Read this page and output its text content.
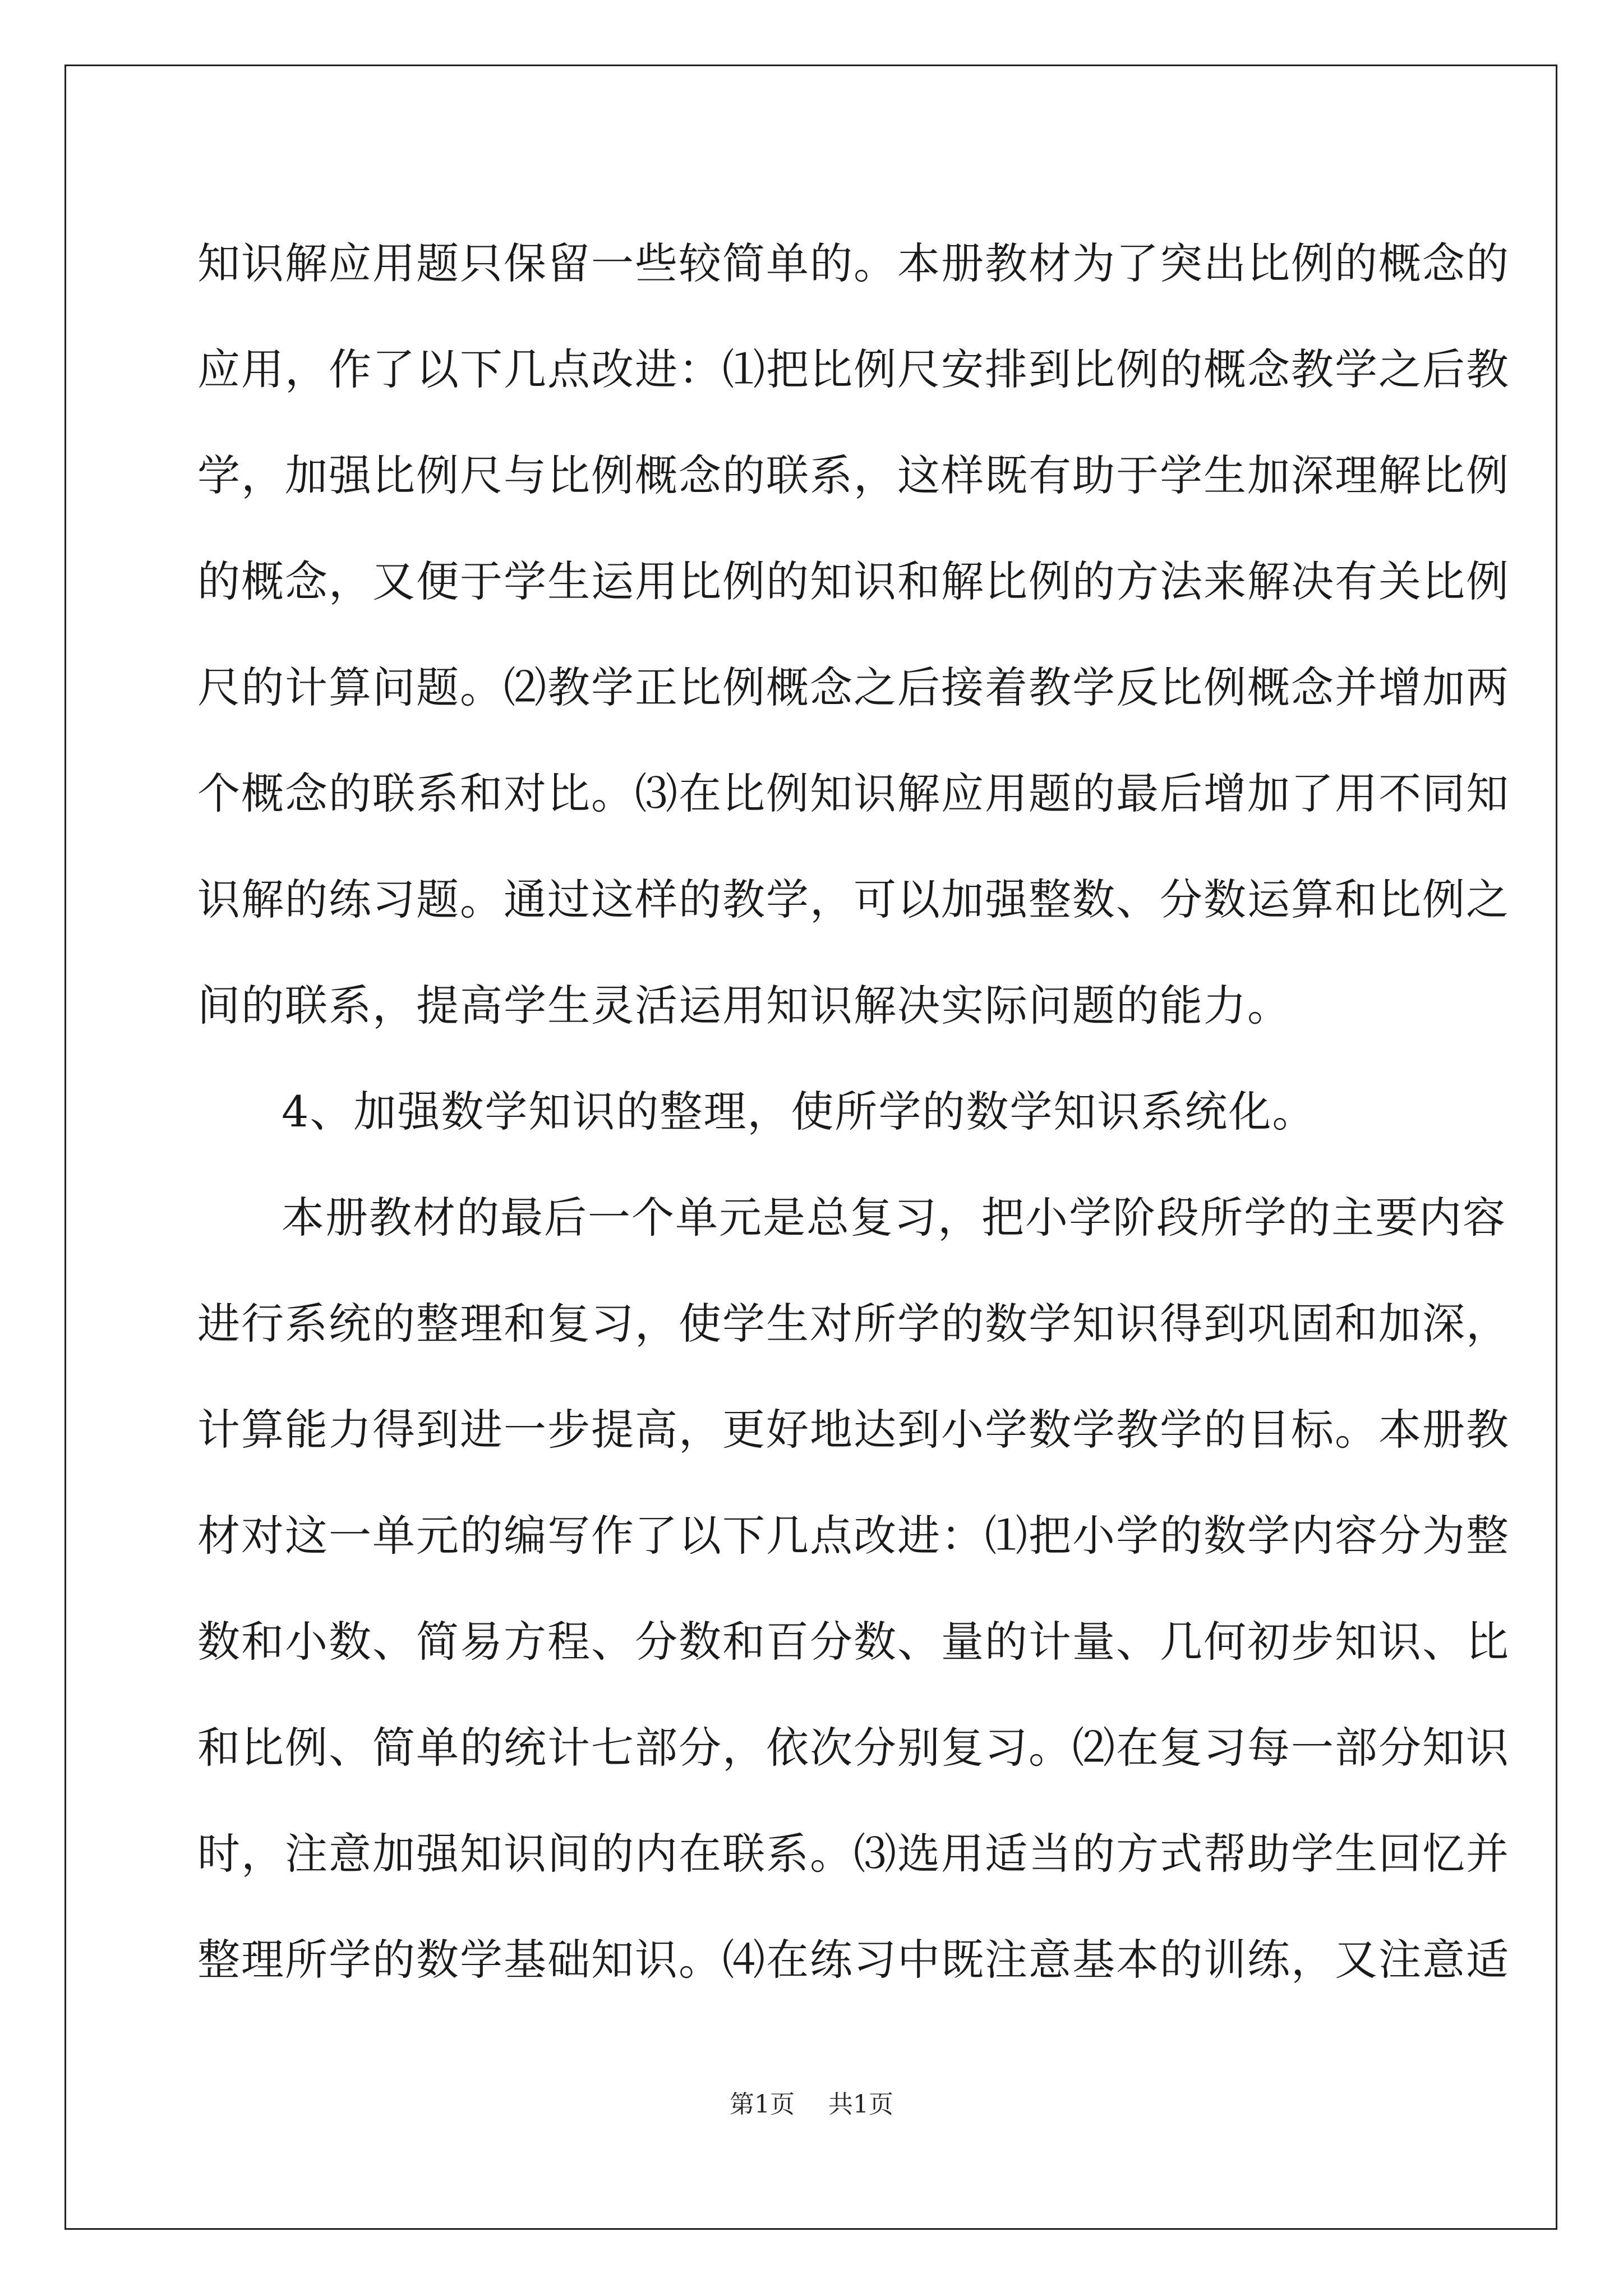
知识解应用题只保留一些较简单的。本册教材为了突出比例的概念的
应用，作了以下几点改进：⑴把比例尺安排到比例的概念教学之后教
学，加强比例尺与比例概念的联系，这样既有助于学生加深理解比例
的概念，又便于学生运用比例的知识和解比例的方法来解决有关比例
尺的计算问题。⑵教学正比例概念之后接着教学反比例概念并增加两
个概念的联系和对比。⑶在比例知识解应用题的最后增加了用不同知
识解的练习题。通过这样的教学，可以加强整数、分数运算和比例之
间的联系，提高学生灵活运用知识解决实际问题的能力。
4、加强数学知识的整理，使所学的数学知识系统化。
本册教材的最后一个单元是总复习，把小学阶段所学的主要内容
进行系统的整理和复习，使学生对所学的数学知识得到巩固和加深，
计算能力得到进一步提高，更好地达到小学数学教学的目标。本册教
材对这一单元的编写作了以下几点改进：⑴把小学的数学内容分为整
数和小数、简易方程、分数和百分数、量的计量、几何初步知识、比
和比例、简单的统计七部分，依次分别复习。⑵在复习每一部分知识
时，注意加强知识间的内在联系。⑶选用适当的方式帮助学生回忆并
整理所学的数学基础知识。⑷在练习中既注意基本的训练，又注意适
第1页 共1页
